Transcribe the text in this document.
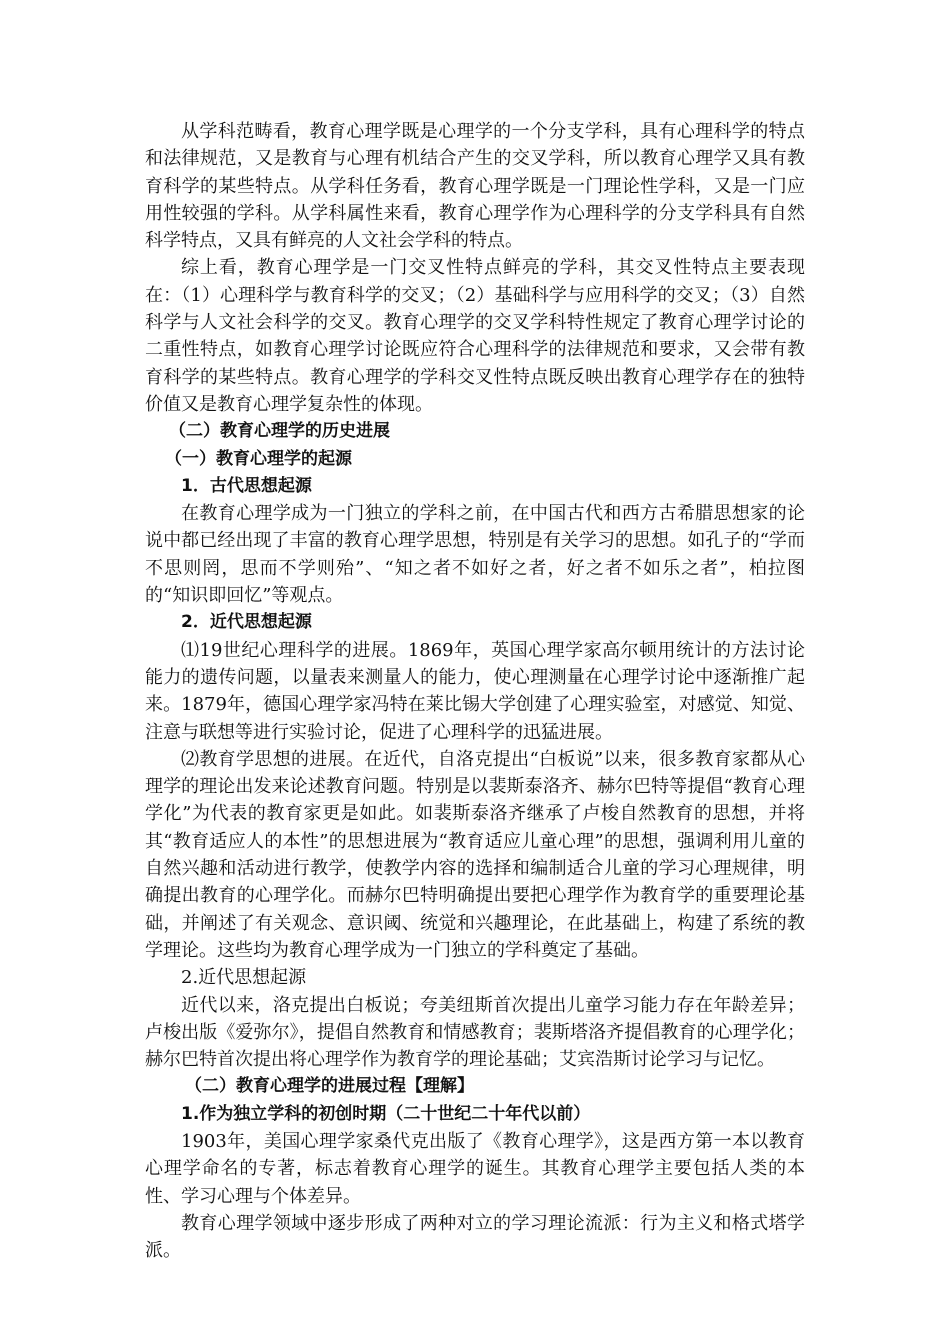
从学科范畴看，教育心理学既是心理学的一个分支学科，具有心理科学的特点和法律规范，又是教育与心理有机结合产生的交叉学科，所以教育心理学又具有教育科学的某些特点。从学科任务看，教育心理学既是一门理论性学科，又是一门应用性较强的学科。从学科属性来看，教育心理学作为心理科学的分支学科具有自然科学特点，又具有鲜亮的人文社会学科的特点。

综上看，教育心理学是一门交叉性特点鲜亮的学科，其交叉性特点主要表现在：（1）心理科学与教育科学的交叉；（2）基础科学与应用科学的交叉；（3）自然科学与人文社会科学的交叉。教育心理学的交叉学科特性规定了教育心理学讨论的二重性特点，如教育心理学讨论既应符合心理科学的法律规范和要求，又会带有教育科学的某些特点。教育心理学的学科交叉性特点既反映出教育心理学存在的独特价值又是教育心理学复杂性的体现。

（二）教育心理学的历史进展
（一）教育心理学的起源
1．古代思想起源

在教育心理学成为一门独立的学科之前，在中国古代和西方古希腊思想家的论说中都已经出现了丰富的教育心理学思想，特别是有关学习的思想。如孔子的“学而不思则罔，思而不学则殆”、“知之者不如好之者，好之者不如乐之者”，柏拉图的“知识即回忆”等观点。

2．近代思想起源

⑴19世纪心理科学的进展。1869年，英国心理学家高尔顿用统计的方法讨论能力的遗传问题，以量表来测量人的能力，使心理测量在心理学讨论中逐渐推广起来。1879年，德国心理学家冯特在莱比锡大学创建了心理实验室，对感觉、知觉、注意与联想等进行实验讨论，促进了心理科学的迅猛进展。

⑵教育学思想的进展。在近代，自洛克提出“白板说”以来，很多教育家都从心理学的理论出发来论述教育问题。特别是以裴斯泰洛齐、赫尔巴特等提倡“教育心理学化”为代表的教育家更是如此。如裴斯泰洛齐继承了卢梭自然教育的思想，并将其“教育适应人的本性”的思想进展为“教育适应儿童心理”的思想，强调利用儿童的自然兴趣和活动进行教学，使教学内容的选择和编制适合儿童的学习心理规律，明确提出教育的心理学化。而赫尔巴特明确提出要把心理学作为教育学的重要理论基础，并阐述了有关观念、意识阈、统觉和兴趣理论，在此基础上，构建了系统的教学理论。这些均为教育心理学成为一门独立的学科奠定了基础。

2.近代思想起源

近代以来，洛克提出白板说；夸美纽斯首次提出儿童学习能力存在年龄差异；卢梭出版《爱弥尔》，提倡自然教育和情感教育；裴斯塔洛齐提倡教育的心理学化；赫尔巴特首次提出将心理学作为教育学的理论基础；艾宾浩斯讨论学习与记忆。

（二）教育心理学的进展过程【理解】
1.作为独立学科的初创时期（二十世纪二十年代以前）

1903年，美国心理学家桑代克出版了《教育心理学》，这是西方第一本以教育心理学命名的专著，标志着教育心理学的诞生。其教育心理学主要包括人类的本性、学习心理与个体差异。

教育心理学领域中逐步形成了两种对立的学习理论流派：行为主义和格式塔学派。
